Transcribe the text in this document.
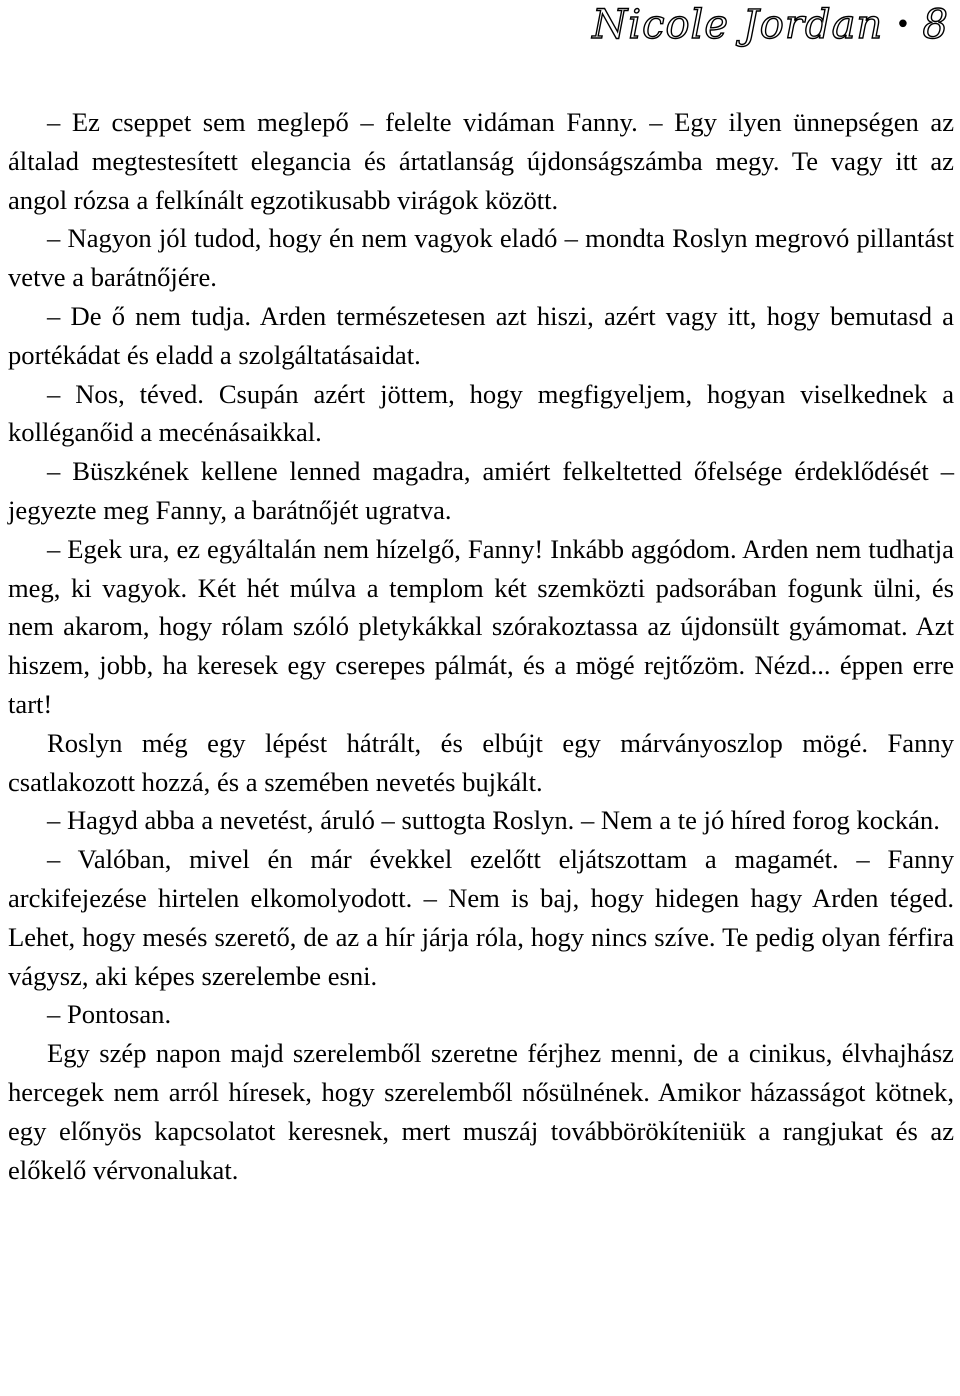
Nicole Jordan • 8

– Ez cseppet sem meglepő – felelte vidáman Fanny. – Egy ilyen ünnepségen az általad megtestesített elegancia és ártatlanság újdonságszámba megy. Te vagy itt az angol rózsa a felkínált egzotikusabb virágok között.

– Nagyon jól tudod, hogy én nem vagyok eladó – mondta Roslyn megrovó pillantást vetve a barátnőjére.

– De ő nem tudja. Arden természetesen azt hiszi, azért vagy itt, hogy bemutasd a portékádat és eladd a szolgáltatásaidat.

– Nos, téved. Csupán azért jöttem, hogy megfigyeljem, hogyan viselkednek a kolléganőid a mecénásaikkal.

– Büszkének kellene lenned magadra, amiért felkeltetted őfelsége érdeklődését – jegyezte meg Fanny, a barátnőjét ugratva.

– Egek ura, ez egyáltalán nem hízelgő, Fanny! Inkább aggódom. Arden nem tudhatja meg, ki vagyok. Két hét múlva a templom két szemközti padsorában fogunk ülni, és nem akarom, hogy rólam szóló pletykákkal szórakoztassa az újdonsült gyámomat. Azt hiszem, jobb, ha keresek egy cserepes pálmát, és a mögé rejtőzöm. Nézd... éppen erre tart!

Roslyn még egy lépést hátrált, és elbújt egy márványoszlop mögé. Fanny csatlakozott hozzá, és a szemében nevetés bujkált.

– Hagyd abba a nevetést, áruló – suttogta Roslyn. – Nem a te jó híred forog kockán.

– Valóban, mivel én már évekkel ezelőtt eljátszottam a magamét. – Fanny arckifejezése hirtelen elkomolyodott. – Nem is baj, hogy hidegen hagy Arden téged. Lehet, hogy mesés szerető, de az a hír járja róla, hogy nincs szíve. Te pedig olyan férfira vágysz, aki képes szerelembe esni.

– Pontosan.

Egy szép napon majd szerelemből szeretne férjhez menni, de a cinikus, élvhajhász hercegek nem arról híresek, hogy szerelemből nősülnének. Amikor házasságot kötnek, egy előnyös kapcsolatot keresnek, mert muszáj továbbörökíteniük a rangjukat és az előkelő vérvonalukat.
